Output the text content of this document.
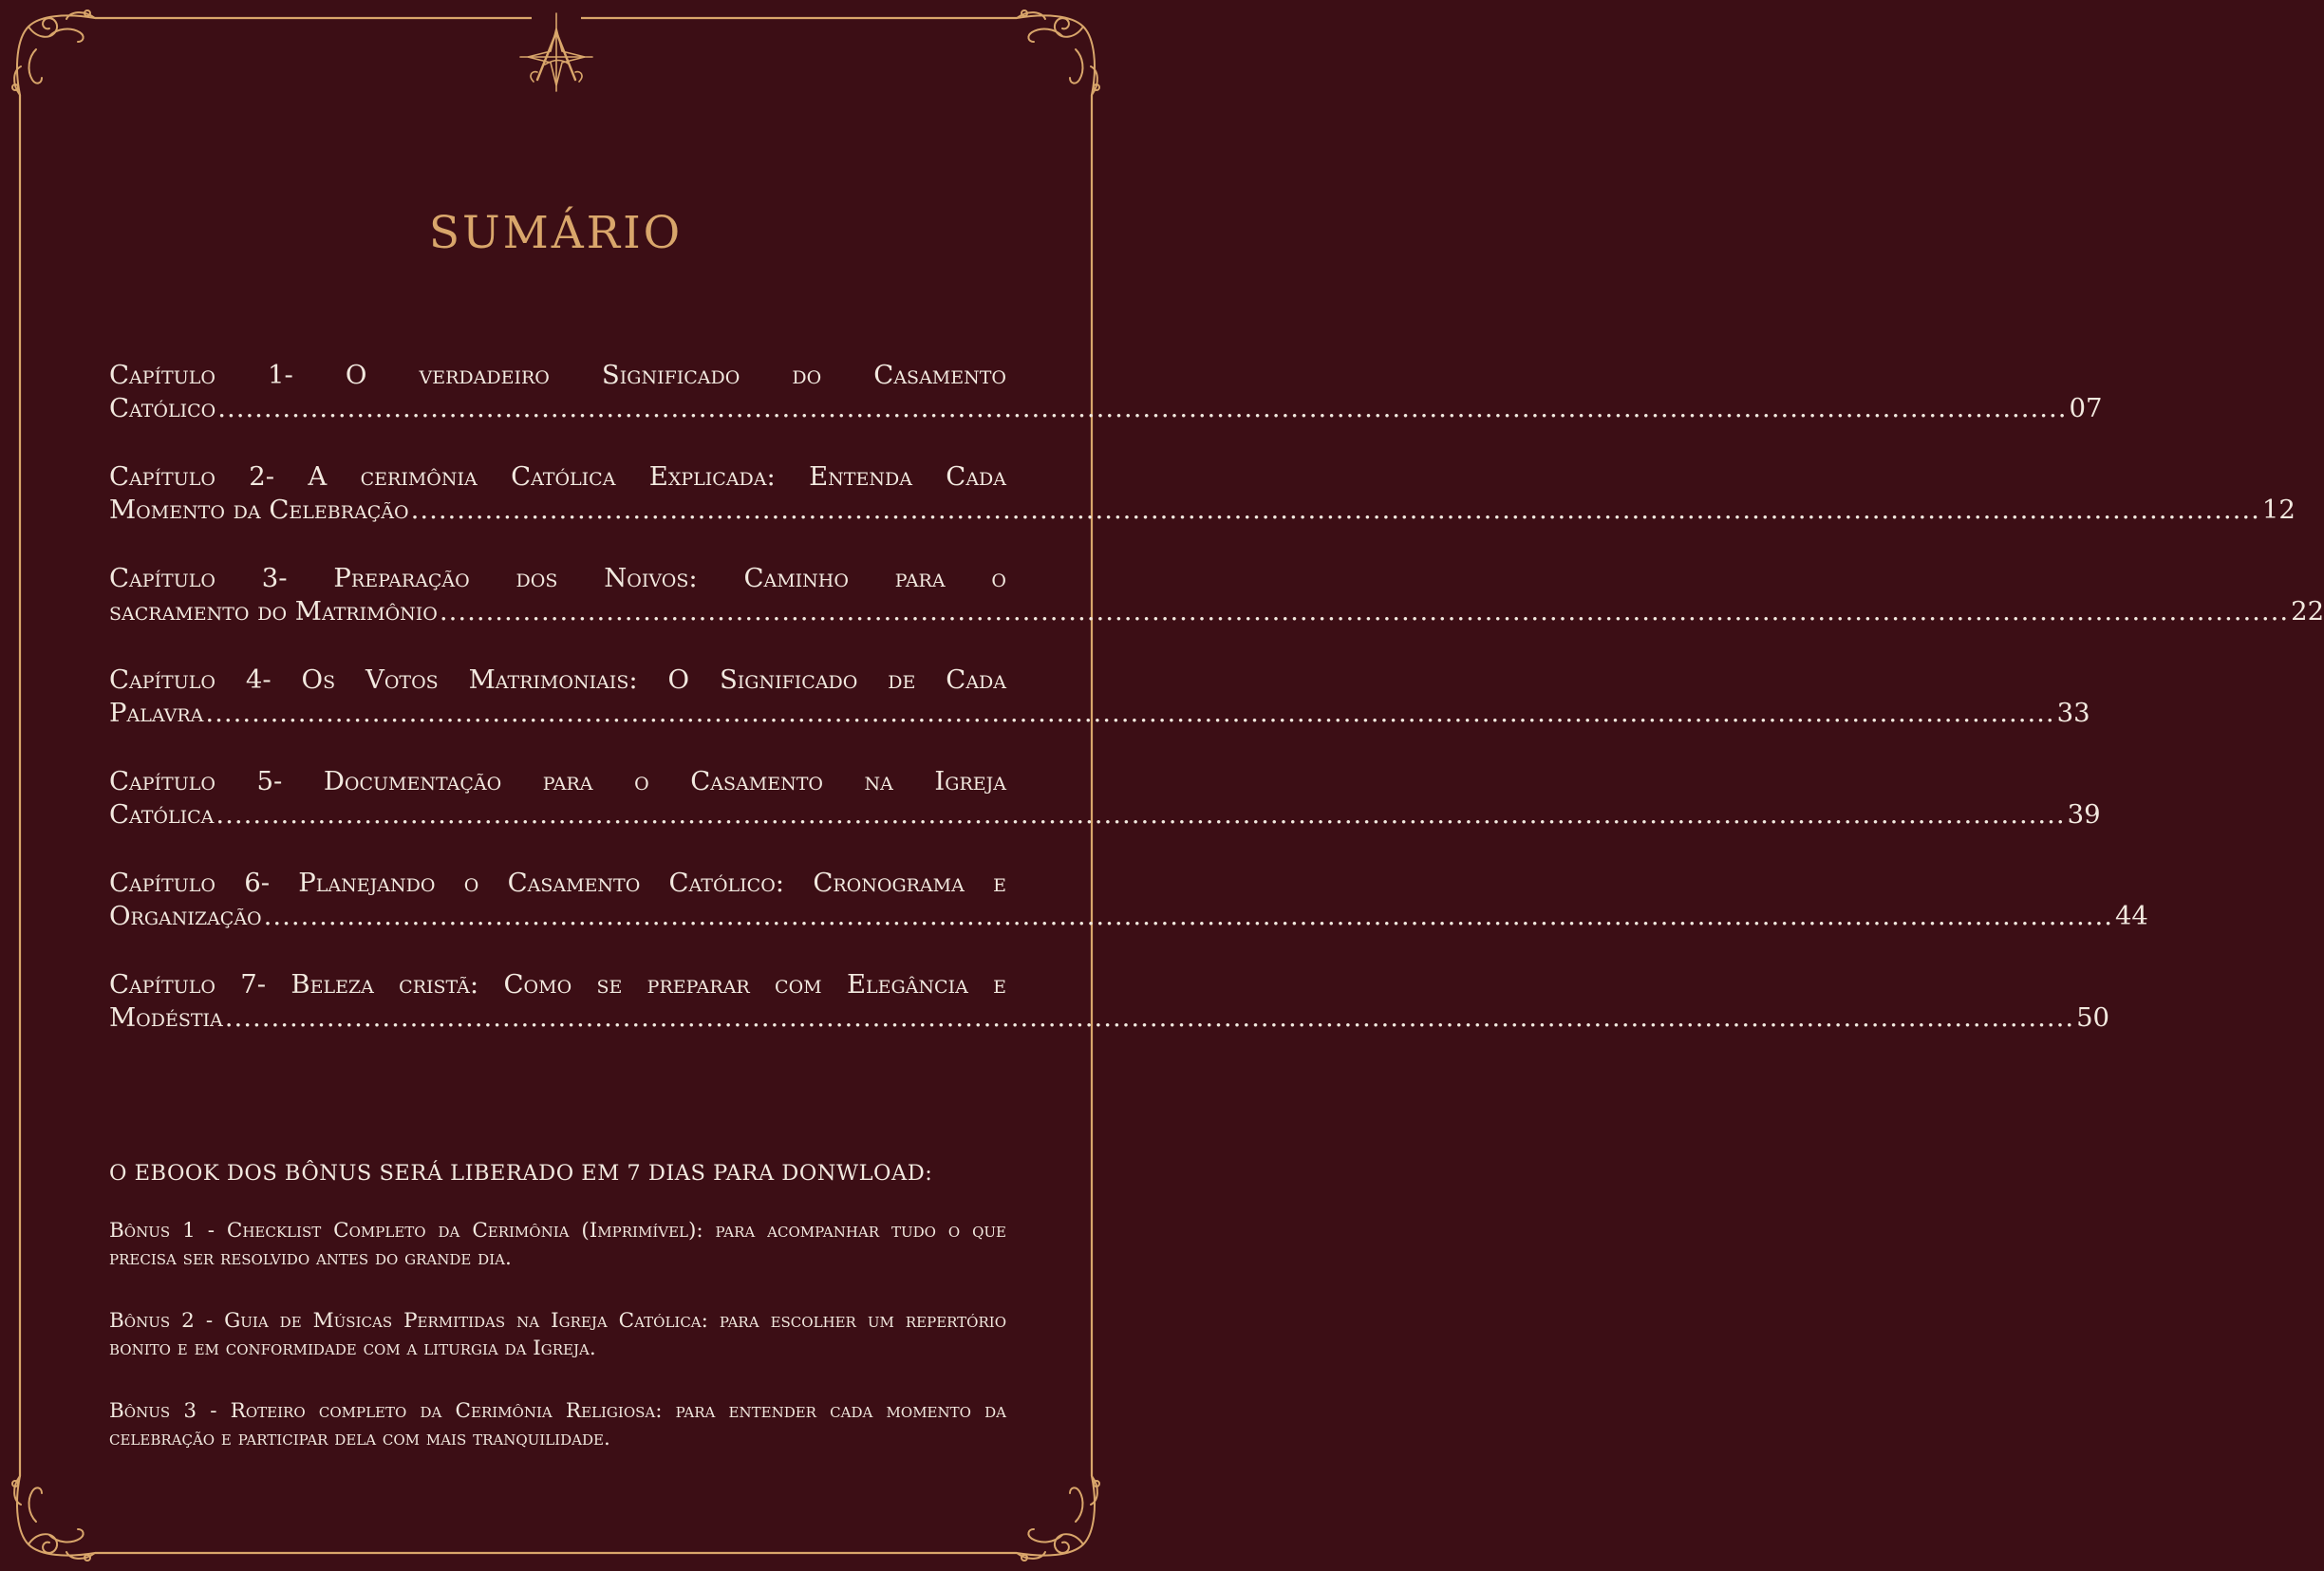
SUMÁRIO
Capítulo 1- O verdadeiro Significado do Casamento
Católico ........................................................................................................................................................................................................ 07
Capítulo 2- A cerimônia Católica Explicada: Entenda Cada
Momento da Celebração ........................................................................................................................................................................................................ 12
Capítulo 3- Preparação dos Noivos: Caminho para o
sacramento do Matrimônio ........................................................................................................................................................................................................ 22
Capítulo 4- Os Votos Matrimoniais: O Significado de Cada
Palavra ........................................................................................................................................................................................................ 33
Capítulo 5- Documentação para o Casamento na Igreja
Católica ........................................................................................................................................................................................................ 39
Capítulo 6- Planejando o Casamento Católico: Cronograma e
Organização ........................................................................................................................................................................................................ 44
Capítulo 7- Beleza cristã: Como se preparar com Elegância e
Modéstia ........................................................................................................................................................................................................ 50
O EBOOK DOS BÔNUS SERÁ LIBERADO EM 7 DIAS PARA DONWLOAD:
Bônus 1 - Checklist Completo da Cerimônia (Imprimível): para acompanhar tudo o que precisa ser resolvido antes do grande dia.
Bônus 2 - Guia de Músicas Permitidas na Igreja Católica: para escolher um repertório bonito e em conformidade com a liturgia da Igreja.
Bônus 3 - Roteiro completo da Cerimônia Religiosa: para entender cada momento da celebração e participar dela com mais tranquilidade.
